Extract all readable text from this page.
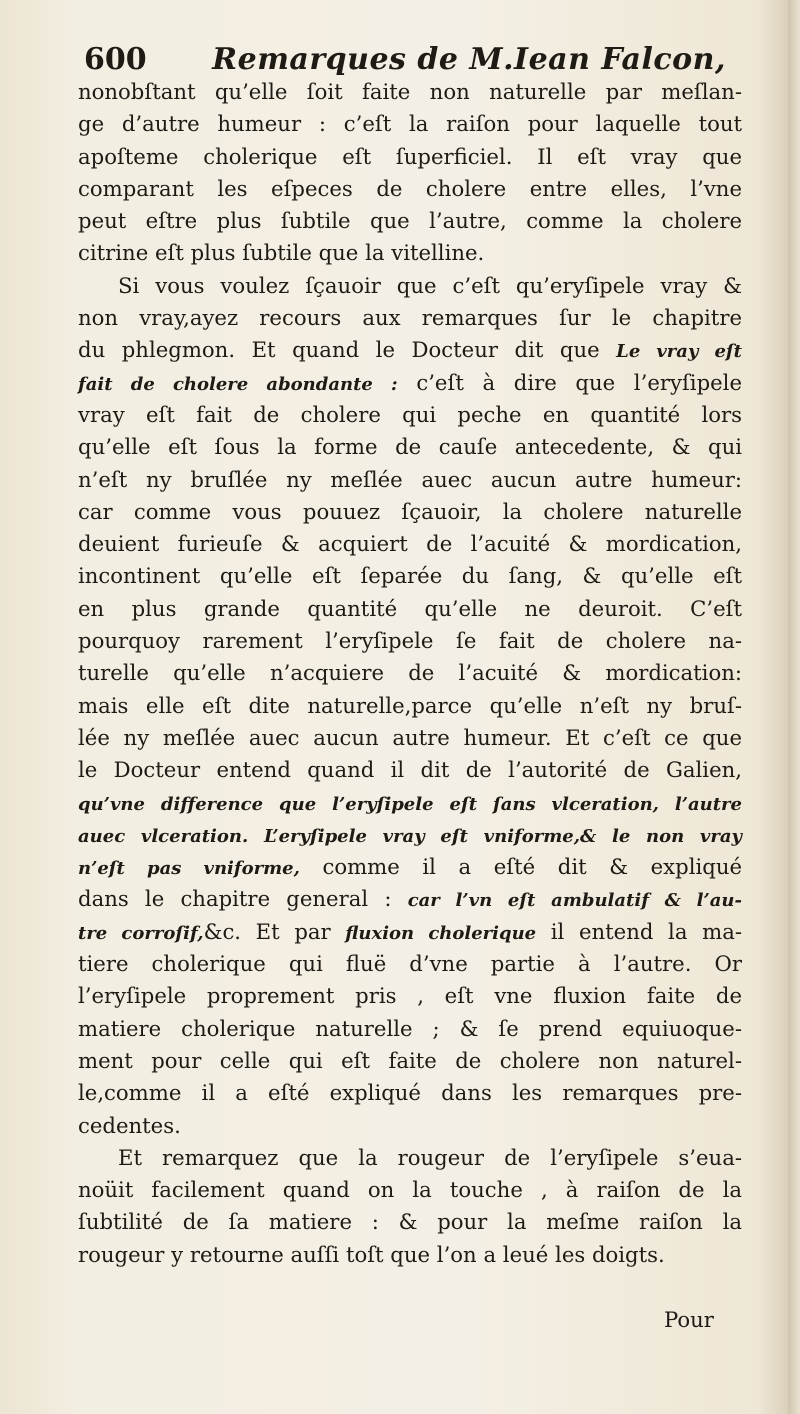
600 Remarques de M.Iean Falcon,
nonobſtant qu’elle ſoit faite non naturelle par meſlan-
ge d’autre humeur : c’eſt la raiſon pour laquelle tout
apoſteme cholerique eſt ſuperficiel. Il eſt vray que
comparant les eſpeces de cholere entre elles, l’vne
peut eſtre plus ſubtile que l’autre, comme la cholere
citrine eſt plus ſubtile que la vitelline.
Si vous voulez ſçauoir que c’eſt qu’eryſipele vray &
non vray,ayez recours aux remarques ſur le chapitre
du phlegmon. Et quand le Docteur dit que Le vray eſt
fait de cholere abondante : c’eſt à dire que l’eryſipele
vray eſt fait de cholere qui peche en quantité lors
qu’elle eſt ſous la forme de cauſe antecedente, & qui
n’eſt ny bruſlée ny meſlée auec aucun autre humeur:
car comme vous pouuez ſçauoir, la cholere naturelle
deuient furieuſe & acquiert de l’acuité & mordication,
incontinent qu’elle eſt ſeparée du ſang, & qu’elle eſt
en plus grande quantité qu’elle ne deuroit. C’eſt
pourquoy rarement l’eryſipele ſe fait de cholere na-
turelle qu’elle n’acquiere de l’acuité & mordication:
mais elle eſt dite naturelle,parce qu’elle n’eſt ny bruſ-
lée ny meſlée auec aucun autre humeur. Et c’eſt ce que
le Docteur entend quand il dit de l’autorité de Galien,
qu’vne difference que l’eryſipele eſt ſans vlceration, l’autre
auec vlceration. L’eryſipele vray eſt vniforme,& le non vray
n’eſt pas vniforme, comme il a eſté dit & expliqué
dans le chapitre general : car l’vn eſt ambulatif & l’au-
tre corroſif,&c. Et par fluxion cholerique il entend la ma-
tiere cholerique qui fluë d’vne partie à l’autre. Or
l’eryſipele proprement pris , eſt vne fluxion faite de
matiere cholerique naturelle ; & ſe prend equiuoque-
ment pour celle qui eſt faite de cholere non naturel-
le,comme il a eſté expliqué dans les remarques pre-
cedentes.
Et remarquez que la rougeur de l’eryſipele s’eua-
noüit facilement quand on la touche , à raiſon de la
ſubtilité de ſa matiere : & pour la meſme raiſon la
rougeur y retourne auſſi toſt que l’on a leué les doigts.
Pour
